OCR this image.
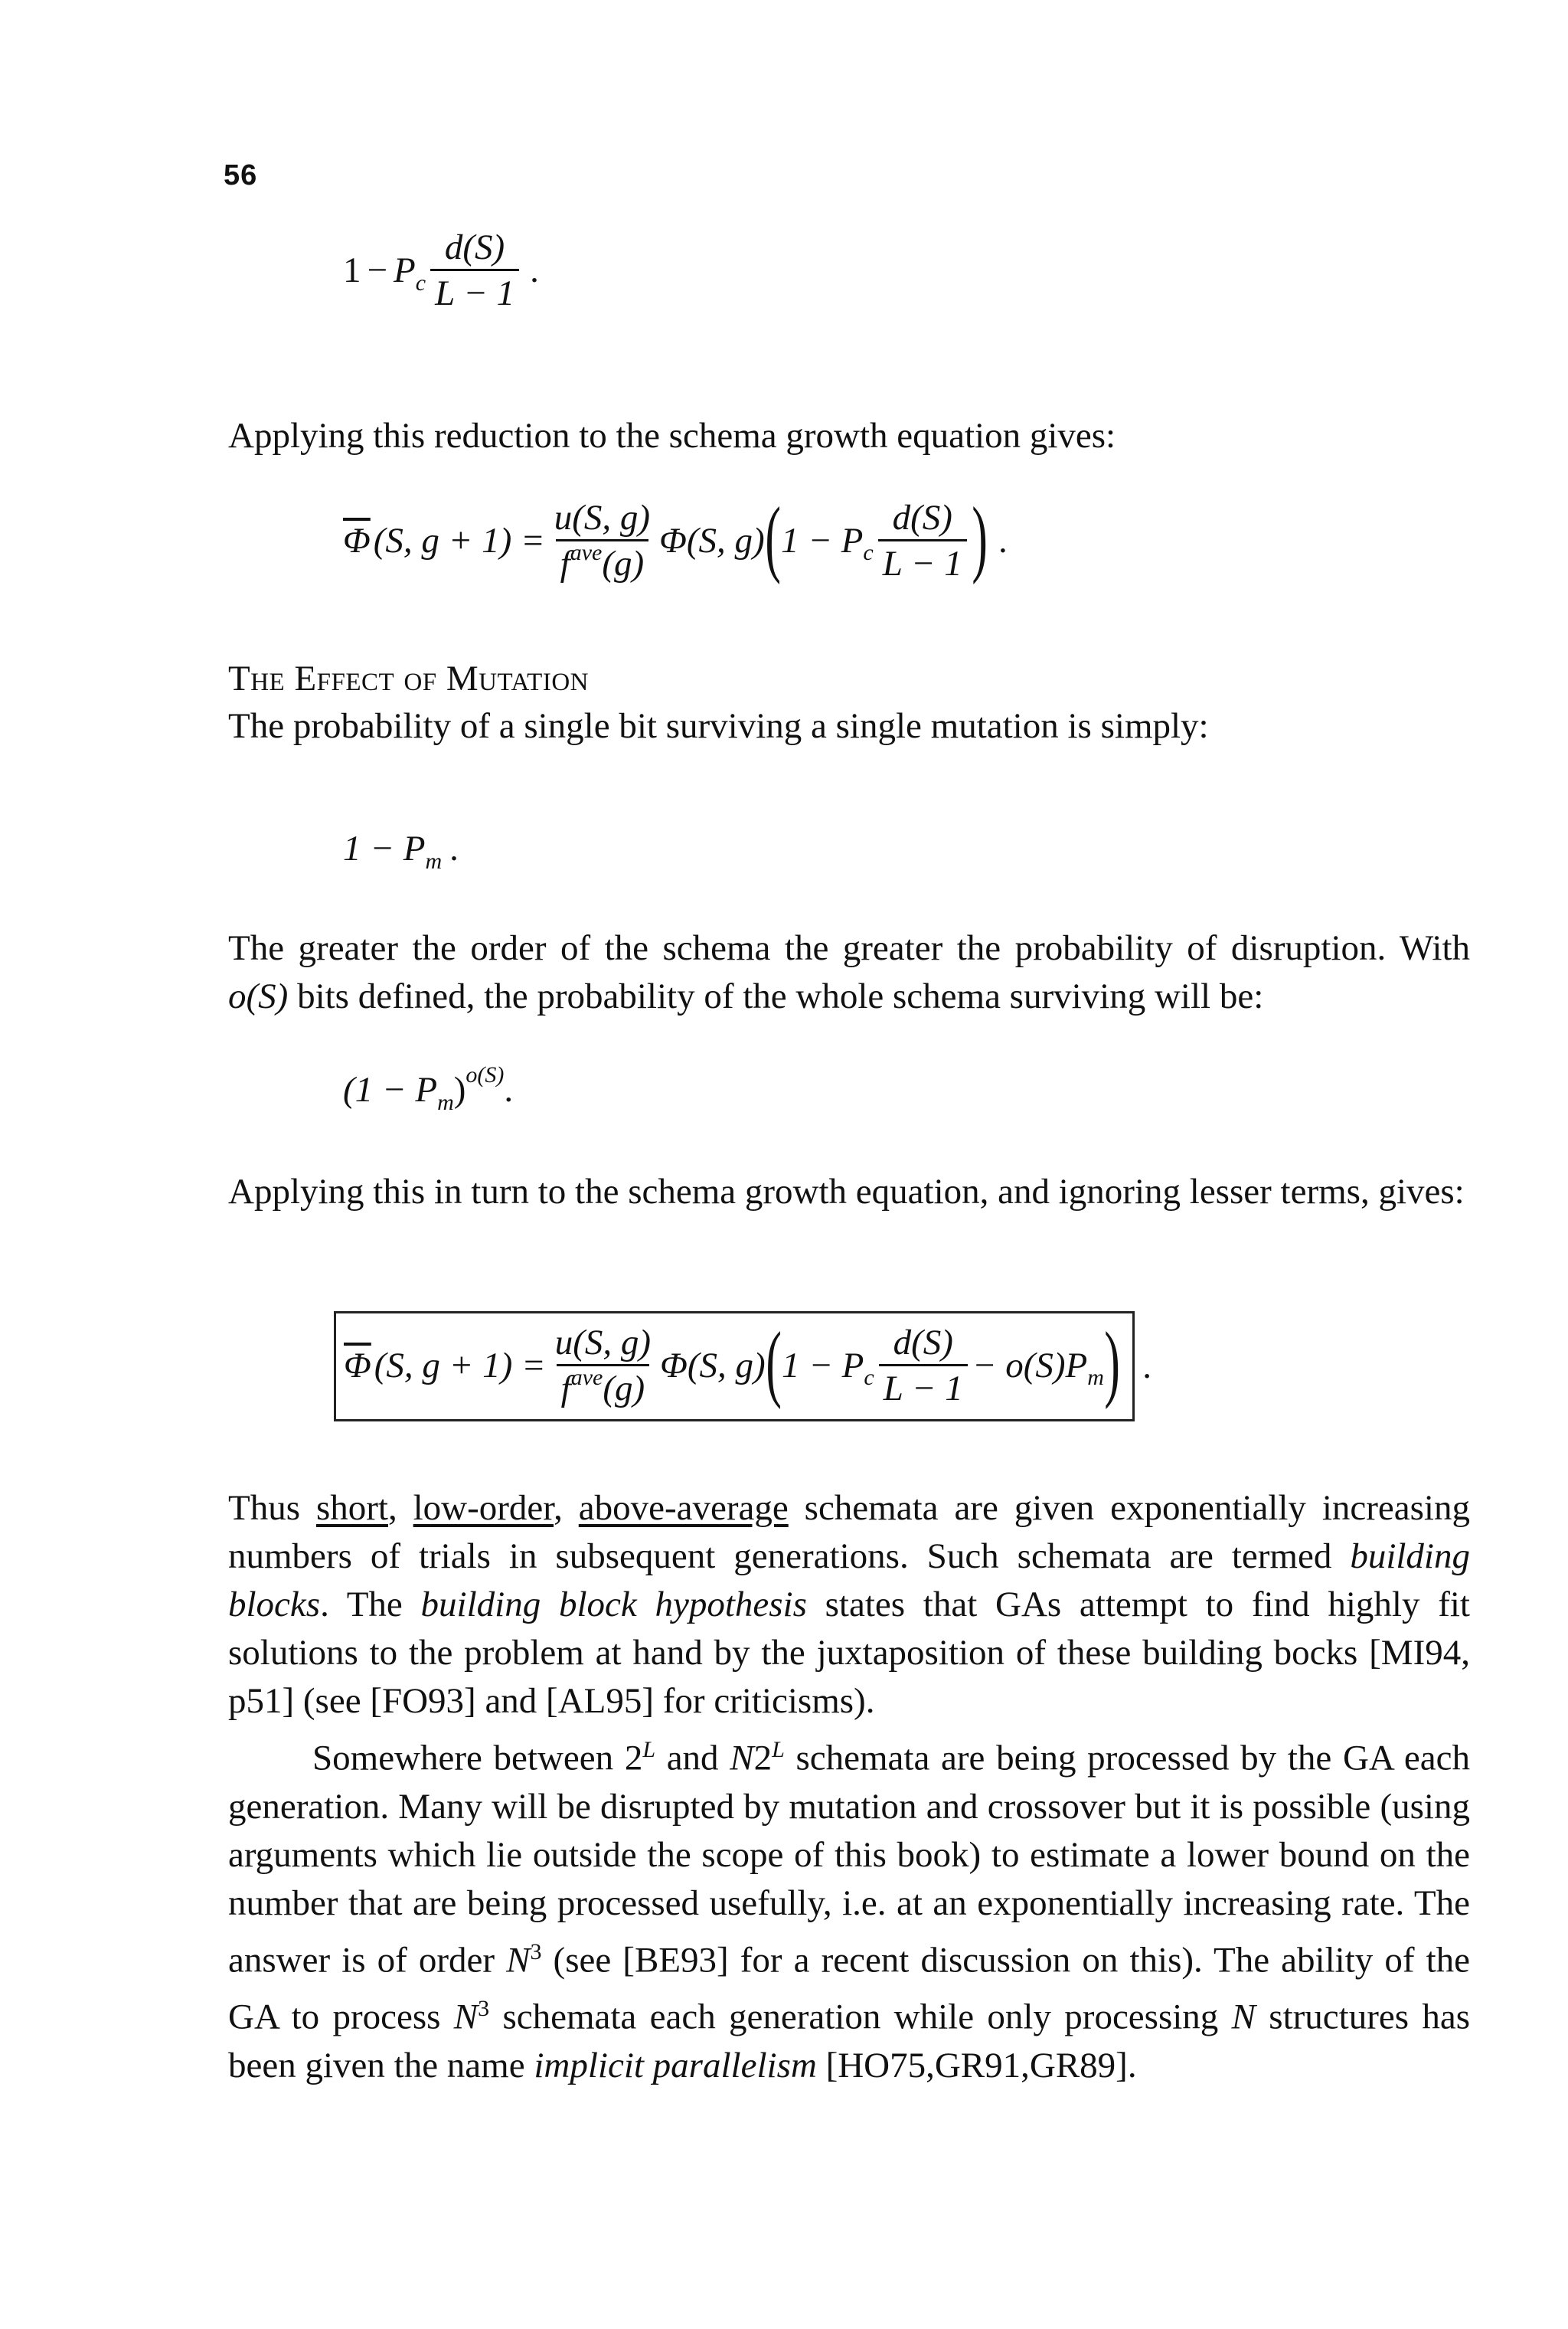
56
1 − P c $\frac{d(S)}{L - 1}$ .

Applying this reduction to the schema growth equation gives:

$\overline{\Phi}$ (S, $g + 1) = \frac{u(S, g)}{f^{ave}(g)} \Phi(S$, g) ( 1 − P c $\frac{d(S)}{L - 1}$ ) .

The Effect of Mutation

The probability of a single bit surviving a single mutation is simply:

1 − P m .

The greater the order of the schema the greater the probability of disruption. With o(S) bits defined, the probability of the whole schema surviving will be:

(1 − P m ) o(S) .

Applying this in turn to the schema growth equation, and ignoring lesser terms, gives:

$\overline{\Phi}$ (S, $g + 1) = \frac{u(S, g)}{f^{ave}(g)} \Phi(S$, g) ( 1 − P c $\frac{d(S)}{L - 1} - o(S)P$ m ) .

Thus short, low-order, above-average schemata are given exponentially increasing numbers of trials in subsequent generations. Such schemata are termed building blocks. The building block hypothesis states that GAs attempt to find highly fit solutions to the problem at hand by the juxtaposition of these building bocks [MI94, p51] (see [FO93] and [AL95] for criticisms).

Somewhere between $2^L$ and $N2^L$ schemata are being processed by the GA each generation. Many will be disrupted by mutation and crossover but it is possible (using arguments which lie outside the scope of this book) to estimate a lower bound on the number that are being processed usefully, i.e. at an exponentially increasing rate. The answer is of order $N^3$ (see [BE93] for a recent discussion on this). The ability of the GA to process $N^3$ schemata each generation while only processing N structures has been given the name implicit parallelism [HO75,GR91,GR89].
